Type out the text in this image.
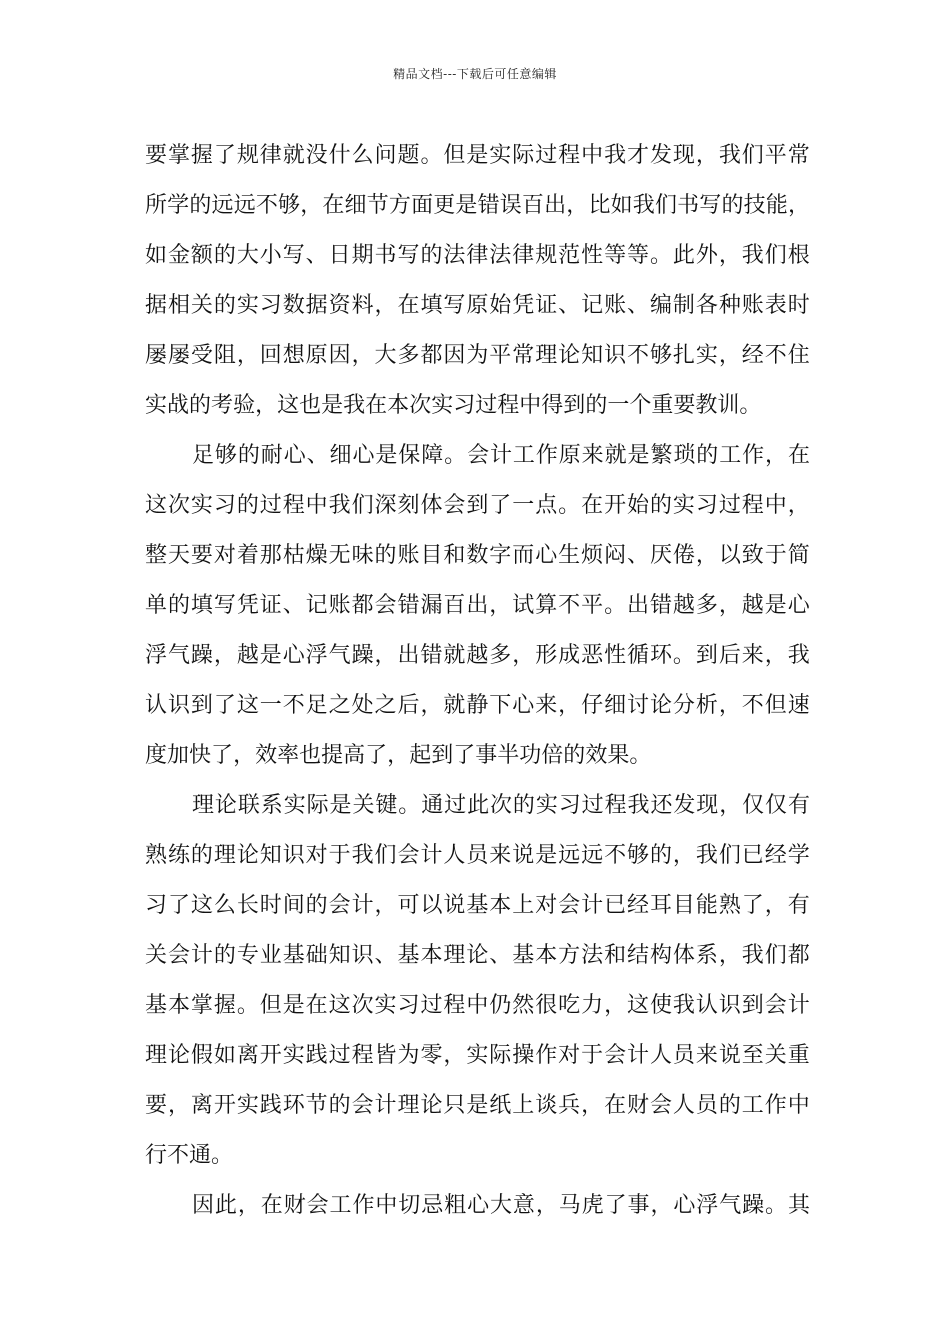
精品文档---下载后可任意编辑
要 掌 握 了 规 律 就 没 什 么 问 题 。 但 是 实 际 过 程 中 我 才 发 现 ， 我 们 平 常
所 学 的 远 远 不 够 ， 在 细 节 方 面 更 是 错 误 百 出 ， 比 如 我 们 书 写 的 技 能 ，
如 金 额 的 大 小 写 、 日 期 书 写 的 法 律 法 律 规 范 性 等 等 。 此 外 ， 我 们 根
据 相 关 的 实 习 数 据 资 料 ， 在 填 写 原 始 凭 证 、 记 账 、 编 制 各 种 账 表 时
屡 屡 受 阻 ， 回 想 原 因 ， 大 多 都 因 为 平 常 理 论 知 识 不 够 扎 实 ， 经 不 住
实 战 的 考 验 ， 这 也 是 我 在 本 次 实 习 过 程 中 得 到 的 一 个 重 要 教 训 。
足 够 的 耐 心 、 细 心 是 保 障 。 会 计 工 作 原 来 就 是 繁 琐 的 工 作 ， 在
这 次 实 习 的 过 程 中 我 们 深 刻 体 会 到 了 一 点 。 在 开 始 的 实 习 过 程 中 ，
整 天 要 对 着 那 枯 燥 无 味 的 账 目 和 数 字 而 心 生 烦 闷 、 厌 倦 ， 以 致 于 简
单 的 填 写 凭 证 、 记 账 都 会 错 漏 百 出 ， 试 算 不 平 。 出 错 越 多 ， 越 是 心
浮 气 躁 ， 越 是 心 浮 气 躁 ， 出 错 就 越 多 ， 形 成 恶 性 循 环 。 到 后 来 ， 我
认 识 到 了 这 一 不 足 之 处 之 后 ， 就 静 下 心 来 ， 仔 细 讨 论 分 析 ， 不 但 速
度 加 快 了 ， 效 率 也 提 高 了 ， 起 到 了 事 半 功 倍 的 效 果 。
理 论 联 系 实 际 是 关 键 。 通 过 此 次 的 实 习 过 程 我 还 发 现 ， 仅 仅 有
熟 练 的 理 论 知 识 对 于 我 们 会 计 人 员 来 说 是 远 远 不 够 的 ， 我 们 已 经 学
习 了 这 么 长 时 间 的 会 计 ， 可 以 说 基 本 上 对 会 计 已 经 耳 目 能 熟 了 ， 有
关 会 计 的 专 业 基 础 知 识 、 基 本 理 论 、 基 本 方 法 和 结 构 体 系 ， 我 们 都
基 本 掌 握 。 但 是 在 这 次 实 习 过 程 中 仍 然 很 吃 力 ， 这 使 我 认 识 到 会 计
理 论 假 如 离 开 实 践 过 程 皆 为 零 ， 实 际 操 作 对 于 会 计 人 员 来 说 至 关 重
要 ， 离 开 实 践 环 节 的 会 计 理 论 只 是 纸 上 谈 兵 ， 在 财 会 人 员 的 工 作 中
行 不 通 。
因 此 ， 在 财 会 工 作 中 切 忌 粗 心 大 意 ， 马 虎 了 事 ， 心 浮 气 躁 。 其
